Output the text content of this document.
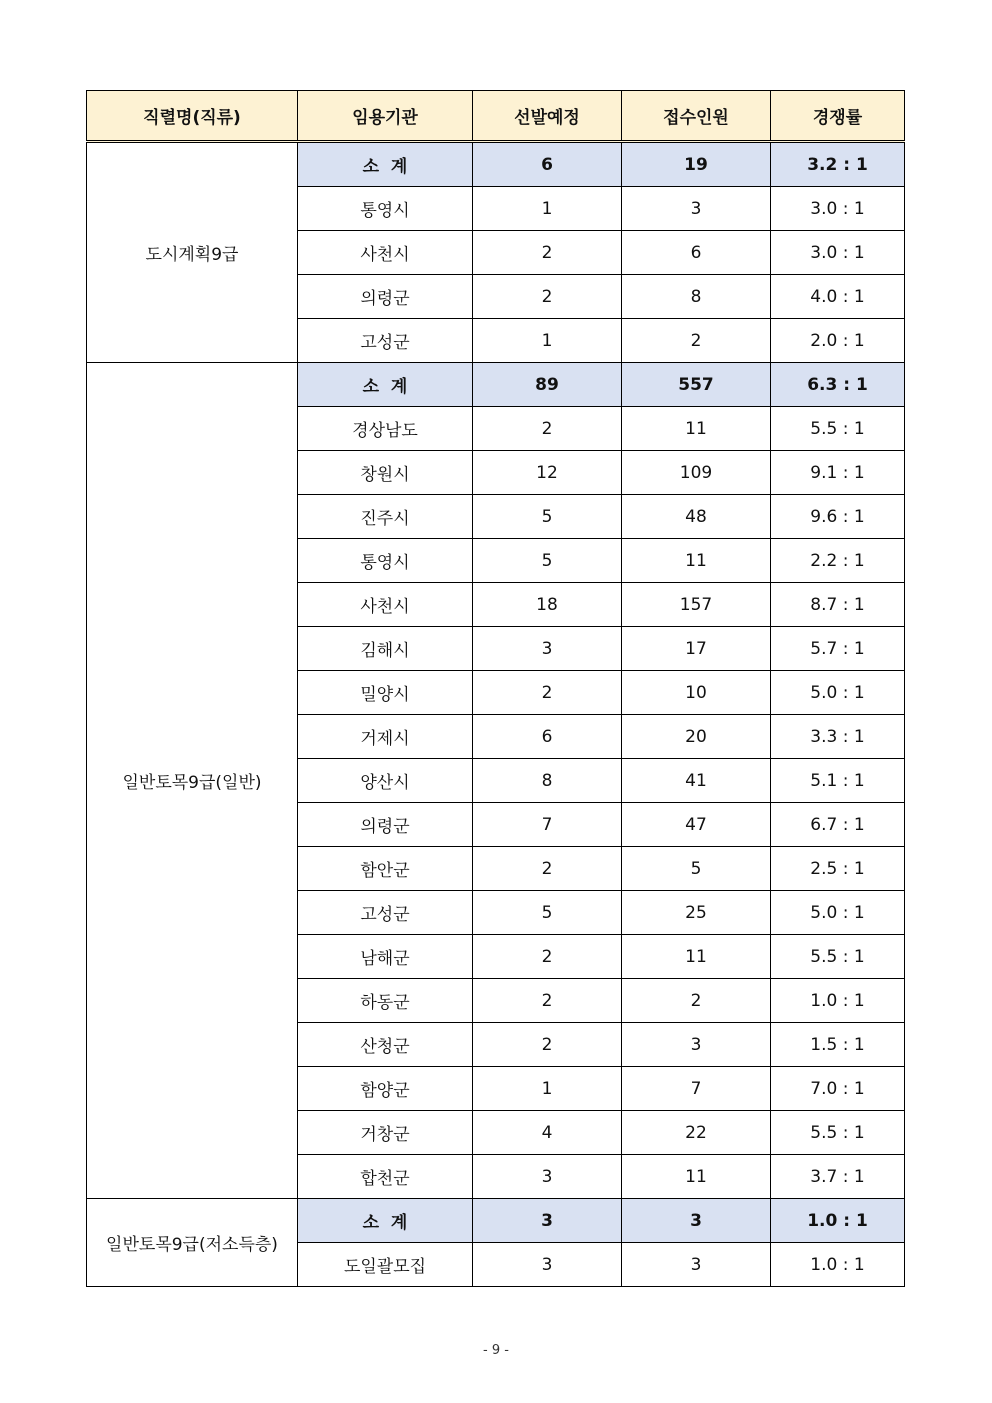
직렬명(직류)	임용기관	선발예정	접수인원	경쟁률
도시계획9급	소  계	6	19	3.2 : 1
	통영시	1	3	3.0 : 1
	사천시	2	6	3.0 : 1
	의령군	2	8	4.0 : 1
	고성군	1	2	2.0 : 1
일반토목9급(일반)	소  계	89	557	6.3 : 1
	경상남도	2	11	5.5 : 1
	창원시	12	109	9.1 : 1
	진주시	5	48	9.6 : 1
	통영시	5	11	2.2 : 1
	사천시	18	157	8.7 : 1
	김해시	3	17	5.7 : 1
	밀양시	2	10	5.0 : 1
	거제시	6	20	3.3 : 1
	양산시	8	41	5.1 : 1
	의령군	7	47	6.7 : 1
	함안군	2	5	2.5 : 1
	고성군	5	25	5.0 : 1
	남해군	2	11	5.5 : 1
	하동군	2	2	1.0 : 1
	산청군	2	3	1.5 : 1
	함양군	1	7	7.0 : 1
	거창군	4	22	5.5 : 1
	합천군	3	11	3.7 : 1
일반토목9급(저소득층)	소  계	3	3	1.0 : 1
	도일괄모집	3	3	1.0 : 1
- 9 -
